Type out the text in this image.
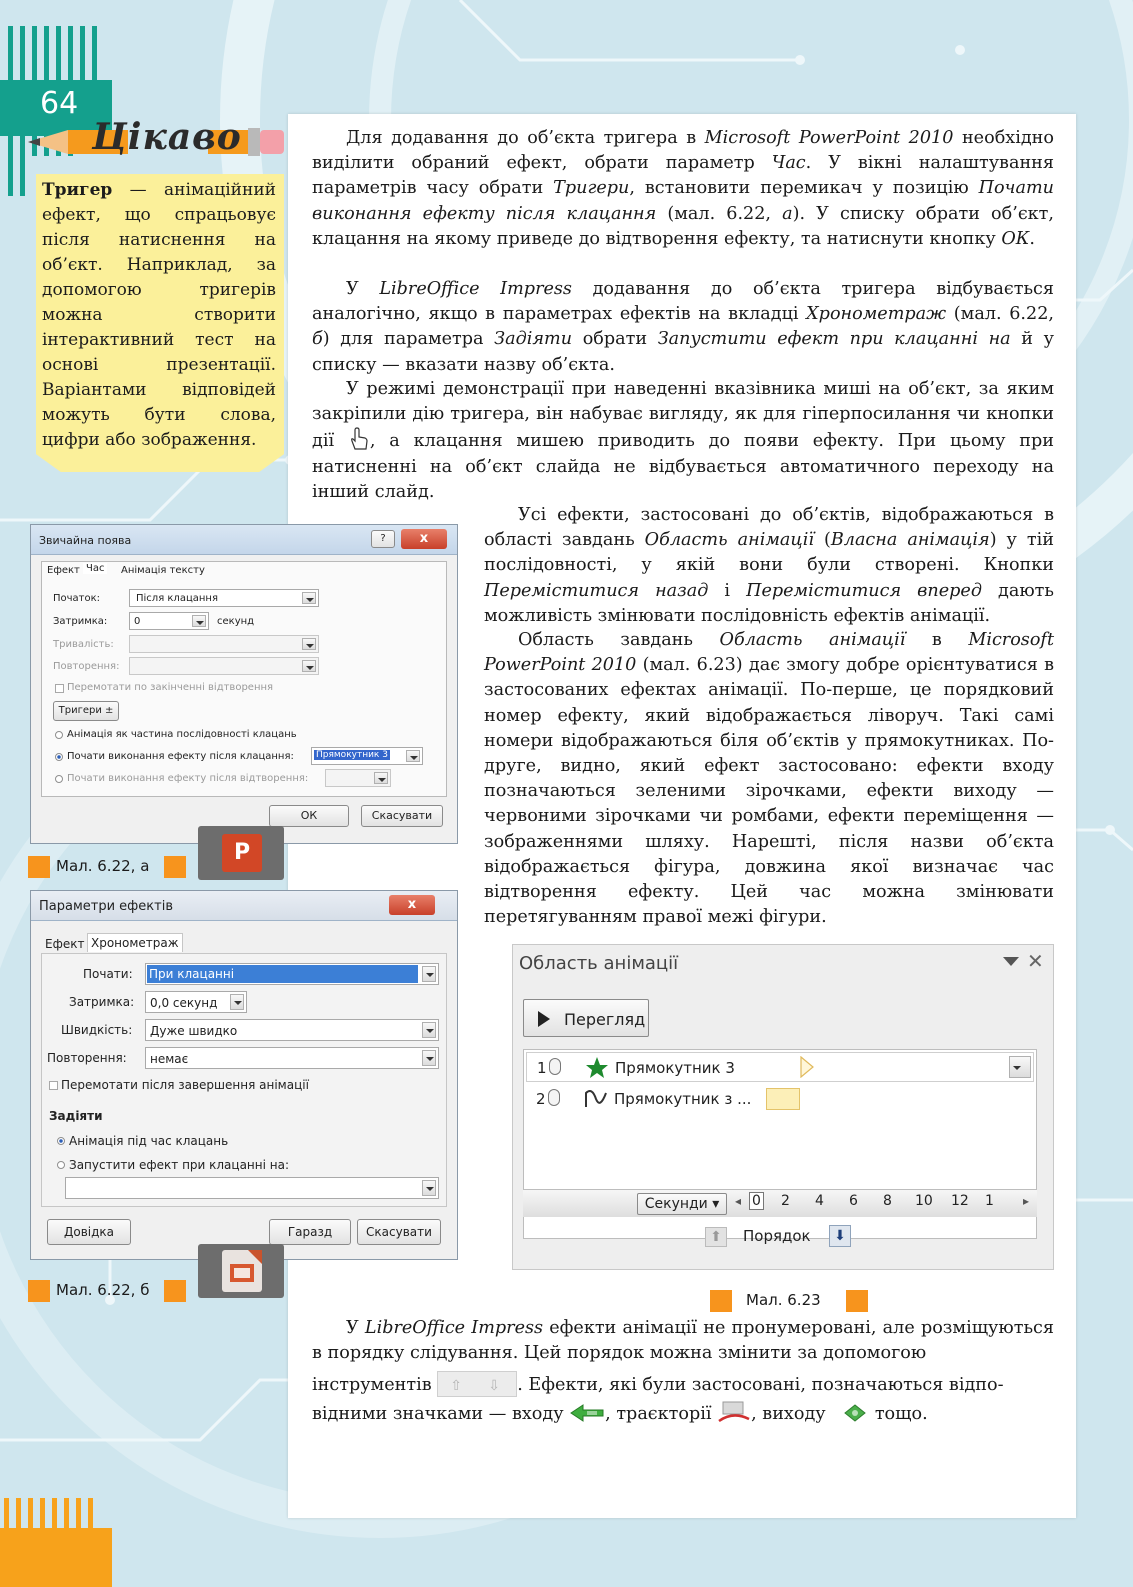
64
Цікаво
Тригер — анімаційний ефект, що спрацьовує після натиснення на об’єкт. Наприклад, за допомогою тригерів можна створити інтерактивний тест на основі презентації. Варіантами відповідей можуть бути слова, цифри або зображення.
Для додавання до об’єкта тригера в Microsoft PowerPoint 2010 необхідно виділити обраний ефект, обрати параметр Час. У вікні налаштування параметрів часу обрати Тригери, встановити перемикач у позицію Почати виконання ефекту після клацання (мал. 6.22, а). У списку обрати об’єкт, клацання на якому приведе до відтворення ефекту, та натиснути кнопку ОК.
У LibreOffice Impress додавання до об’єкта тригера відбувається аналогічно, якщо в параметрах ефектів на вкладці Хронометраж (мал. 6.22, б) для параметра Задіяти обрати Запустити ефект при клацанні на й у списку — вказати назву об’єкта.
У режимі демонстрації при наведенні вказівника миші на об’єкт, за яким закріпили дію тригера, він набуває вигляду, як для гіперпосилання чи кнопки дії , а клацання мишею приводить до появи ефекту. При цьому при натисненні на об’єкт слайда не відбувається автоматичного переходу на інший слайд.
Усі ефекти, застосовані до об’єктів, відображаються в області завдань Область анімації (Власна анімація) у тій послідовності, у якій вони були створені. Кнопки Переміститися назад і Переміститися вперед дають можливість змінювати послідовність ефектів анімації.
Область завдань Область анімації в Microsoft PowerPoint 2010 (мал. 6.23) дає змогу добре орієнтуватися в застосованих ефектах анімації. По-перше, це порядковий номер ефекту, який відображається ліворуч. Такі самі номери відображаються біля об’єктів у прямокутниках. По-друге, видно, який ефект застосовано: ефекти входу позначаються зеленими зірочками, ефекти виходу — червоними зірочками чи ромбами, ефекти переміщення — зображеннями шляху. Нарешті, після назви об’єкта відображається фігура, довжина якої визначає час відтворення ефекту. Цей час можна змінювати перетягуванням правої межі фігури.
У LibreOffice Impress ефекти анімації не пронумеровані, але розміщуються в порядку слідування. Цей порядок можна змінити за допомогою
інструментів ⇧ ⇩ . Ефекти, які були застосовані, позначаються відпо-
відними значками — входу , траєкторії , виходу	тощо.
Звичайна поява	?	x
Ефект Час	Анімація тексту
Початок:	Після клацання
Затримка:	0	секунд
Тривалість:
Повторення:
Перемотати по закінченні відтворення
Тригери ±
Анімація як частина послідовності клацань
Почати виконання ефекту після клацання: Прямокутник 3
Почати виконання ефекту після відтворення:
ОК	Скасувати
P
Мал. 6.22, а
Параметри ефектів	x
Ефект Хронометраж
Почати: При клацанні
Затримка: 0,0 секунд
Швидкість: Дуже швидко
Повторення: немає
Перемотати після завершення анімації
Задіяти
Анімація під час клацань
Запустити ефект при клацанні на:
Довідка	Гаразд	Скасувати
Мал. 6.22, б
Область анімації	✕
Перегляд
1	Прямокутник 3
2	Прямокутник з ...
Секунди ▾	◂ 0 2 4 6 8 10 12 1 ▸
⬆	Порядок	⬇
Мал. 6.23
